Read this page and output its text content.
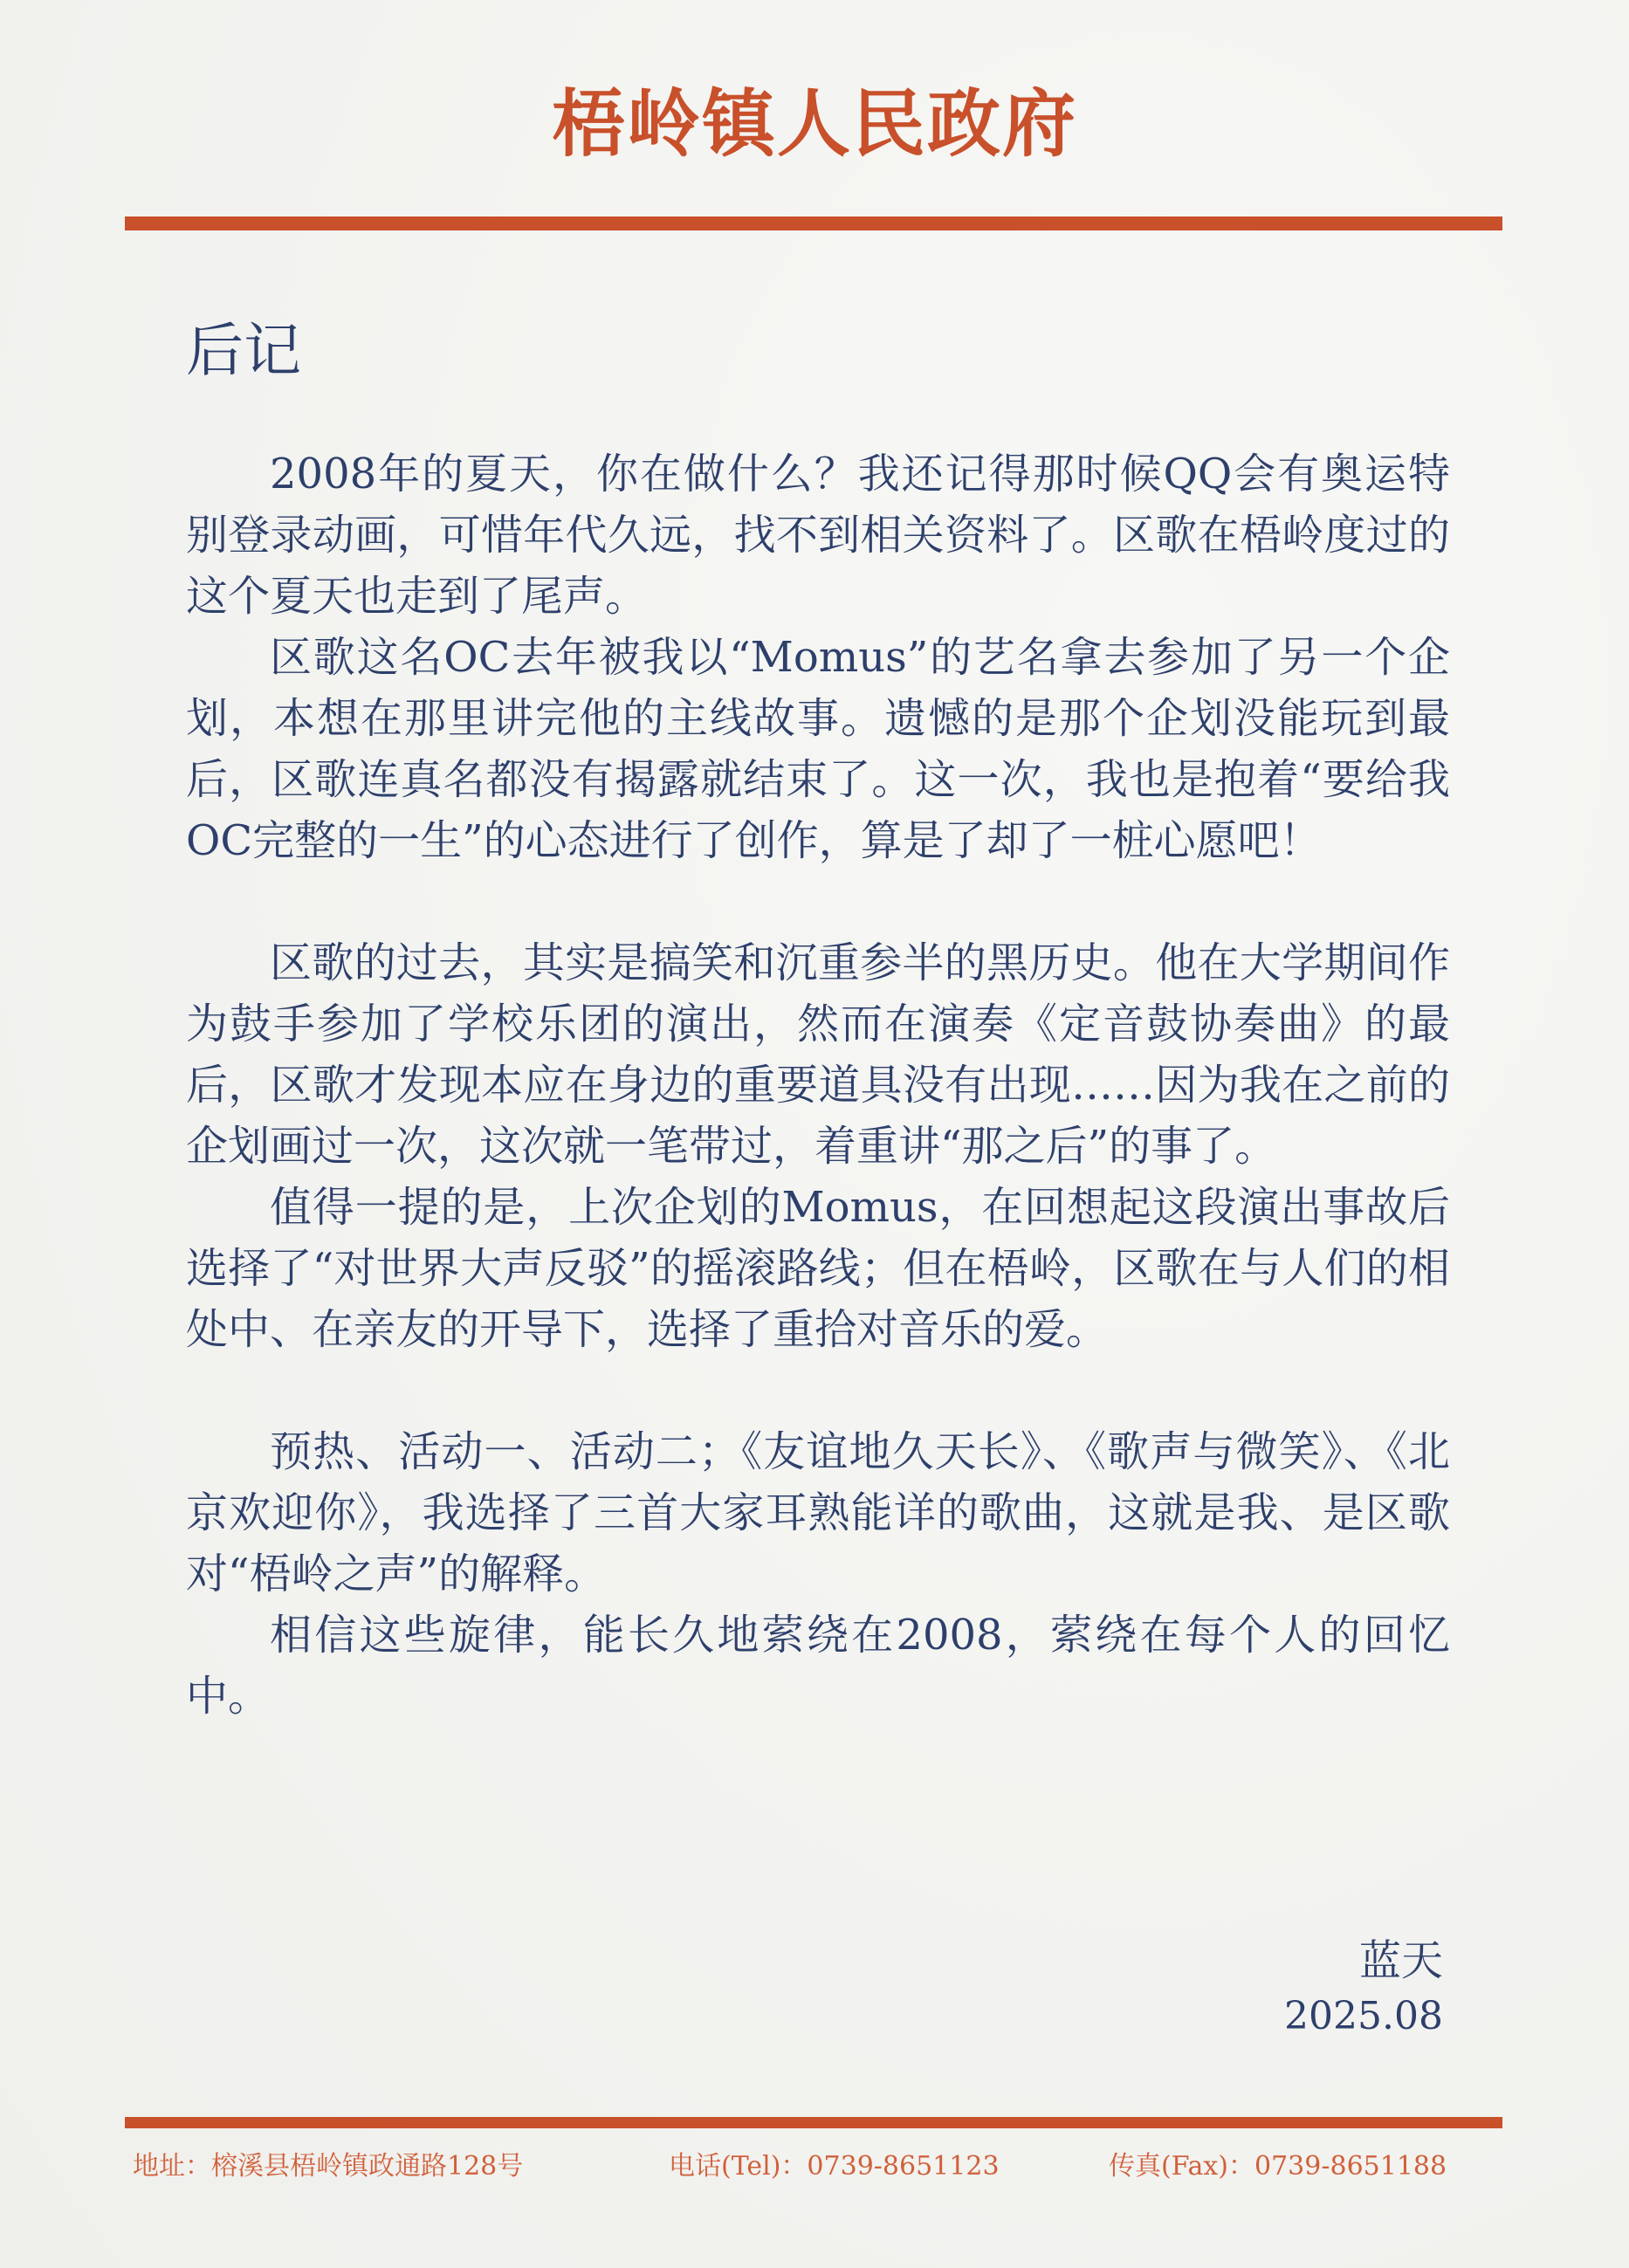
梧岭镇人民政府
后记

2008年的夏天，你在做什么？我还记得那时候QQ会有奥运特别登录动画，可惜年代久远，找不到相关资料了。区歌在梧岭度过的这个夏天也走到了尾声。

区歌这名OC去年被我以“Momus”的艺名拿去参加了另一个企划，本想在那里讲完他的主线故事。遗憾的是那个企划没能玩到最后，区歌连真名都没有揭露就结束了。这一次，我也是抱着“要给我OC完整的一生”的心态进行了创作，算是了却了一桩心愿吧！

区歌的过去，其实是搞笑和沉重参半的黑历史。他在大学期间作为鼓手参加了学校乐团的演出，然而在演奏《定音鼓协奏曲》的最后，区歌才发现本应在身边的重要道具没有出现……因为我在之前的企划画过一次，这次就一笔带过，着重讲“那之后”的事了。

值得一提的是，上次企划的Momus，在回想起这段演出事故后选择了“对世界大声反驳”的摇滚路线；但在梧岭，区歌在与人们的相处中、在亲友的开导下，选择了重拾对音乐的爱。

预热、活动一、活动二；《友谊地久天长》、《歌声与微笑》、《北京欢迎你》，我选择了三首大家耳熟能详的歌曲，这就是我、是区歌对“梧岭之声”的解释。

相信这些旋律，能长久地萦绕在2008，萦绕在每个人的回忆中。

蓝天
2025.08
地址：榕溪县梧岭镇政通路128号	电话(Tel)：0739-8651123	传真(Fax)：0739-8651188
